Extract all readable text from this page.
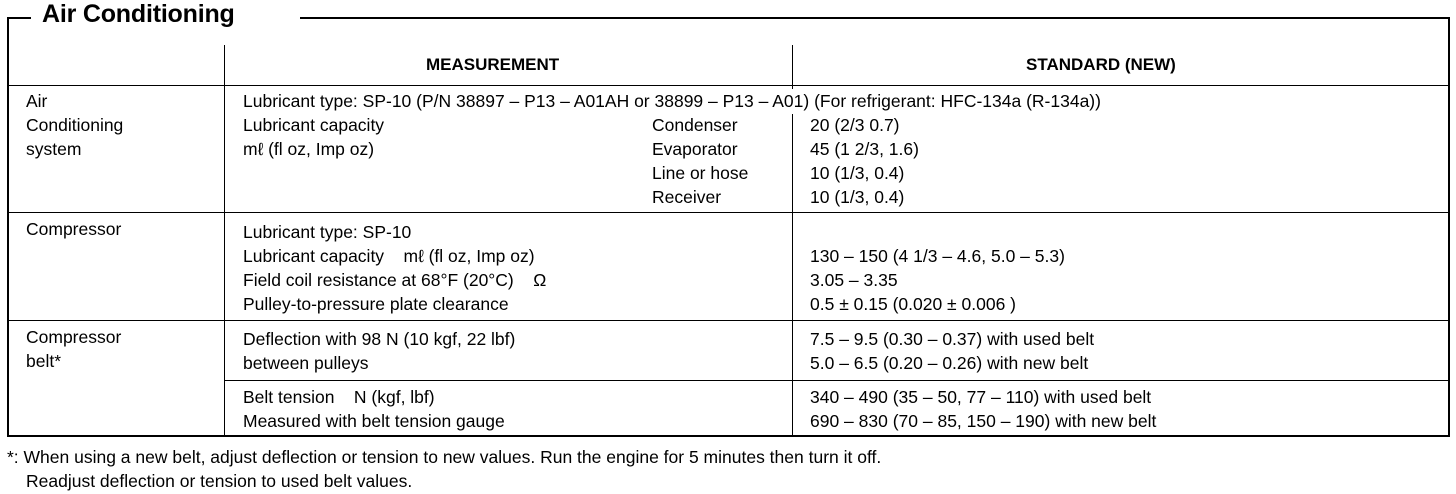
Air Conditioning
MEASUREMENT	STANDARD (NEW)
Air
Conditioning
system
Lubricant type: SP-10 (P/N 38897 – P13 – A01AH or 38899 – P13 – A01) (For refrigerant: HFC-134a (R-134a))
Lubricant capacity
mℓ (fl oz, Imp oz)
Condenser
Evaporator
Line or hose
Receiver
20 (2/3 0.7)
45 (1 2/3, 1.6)
10 (1/3, 0.4)
10 (1/3, 0.4)
Compressor	Lubricant type: SP-10
Lubricant capacity    mℓ (fl oz, Imp oz)
Field coil resistance at 68°F (20°C)    Ω
Pulley-to-pressure plate clearance
130 – 150 (4 1/3 – 4.6, 5.0 – 5.3)
3.05 – 3.35
0.5 ± 0.15 (0.020 ± 0.006 )
Compressor
belt*
Deflection with 98 N (10 kgf, 22 lbf)
between pulleys
7.5 – 9.5 (0.30 – 0.37) with used belt
5.0 – 6.5 (0.20 – 0.26) with new belt
Belt tension    N (kgf, lbf)
Measured with belt tension gauge
340 – 490 (35 – 50, 77 – 110) with used belt
690 – 830 (70 – 85, 150 – 190) with new belt
*: When using a new belt, adjust deflection or tension to new values. Run the engine for 5 minutes then turn it off.
Readjust deflection or tension to used belt values.
